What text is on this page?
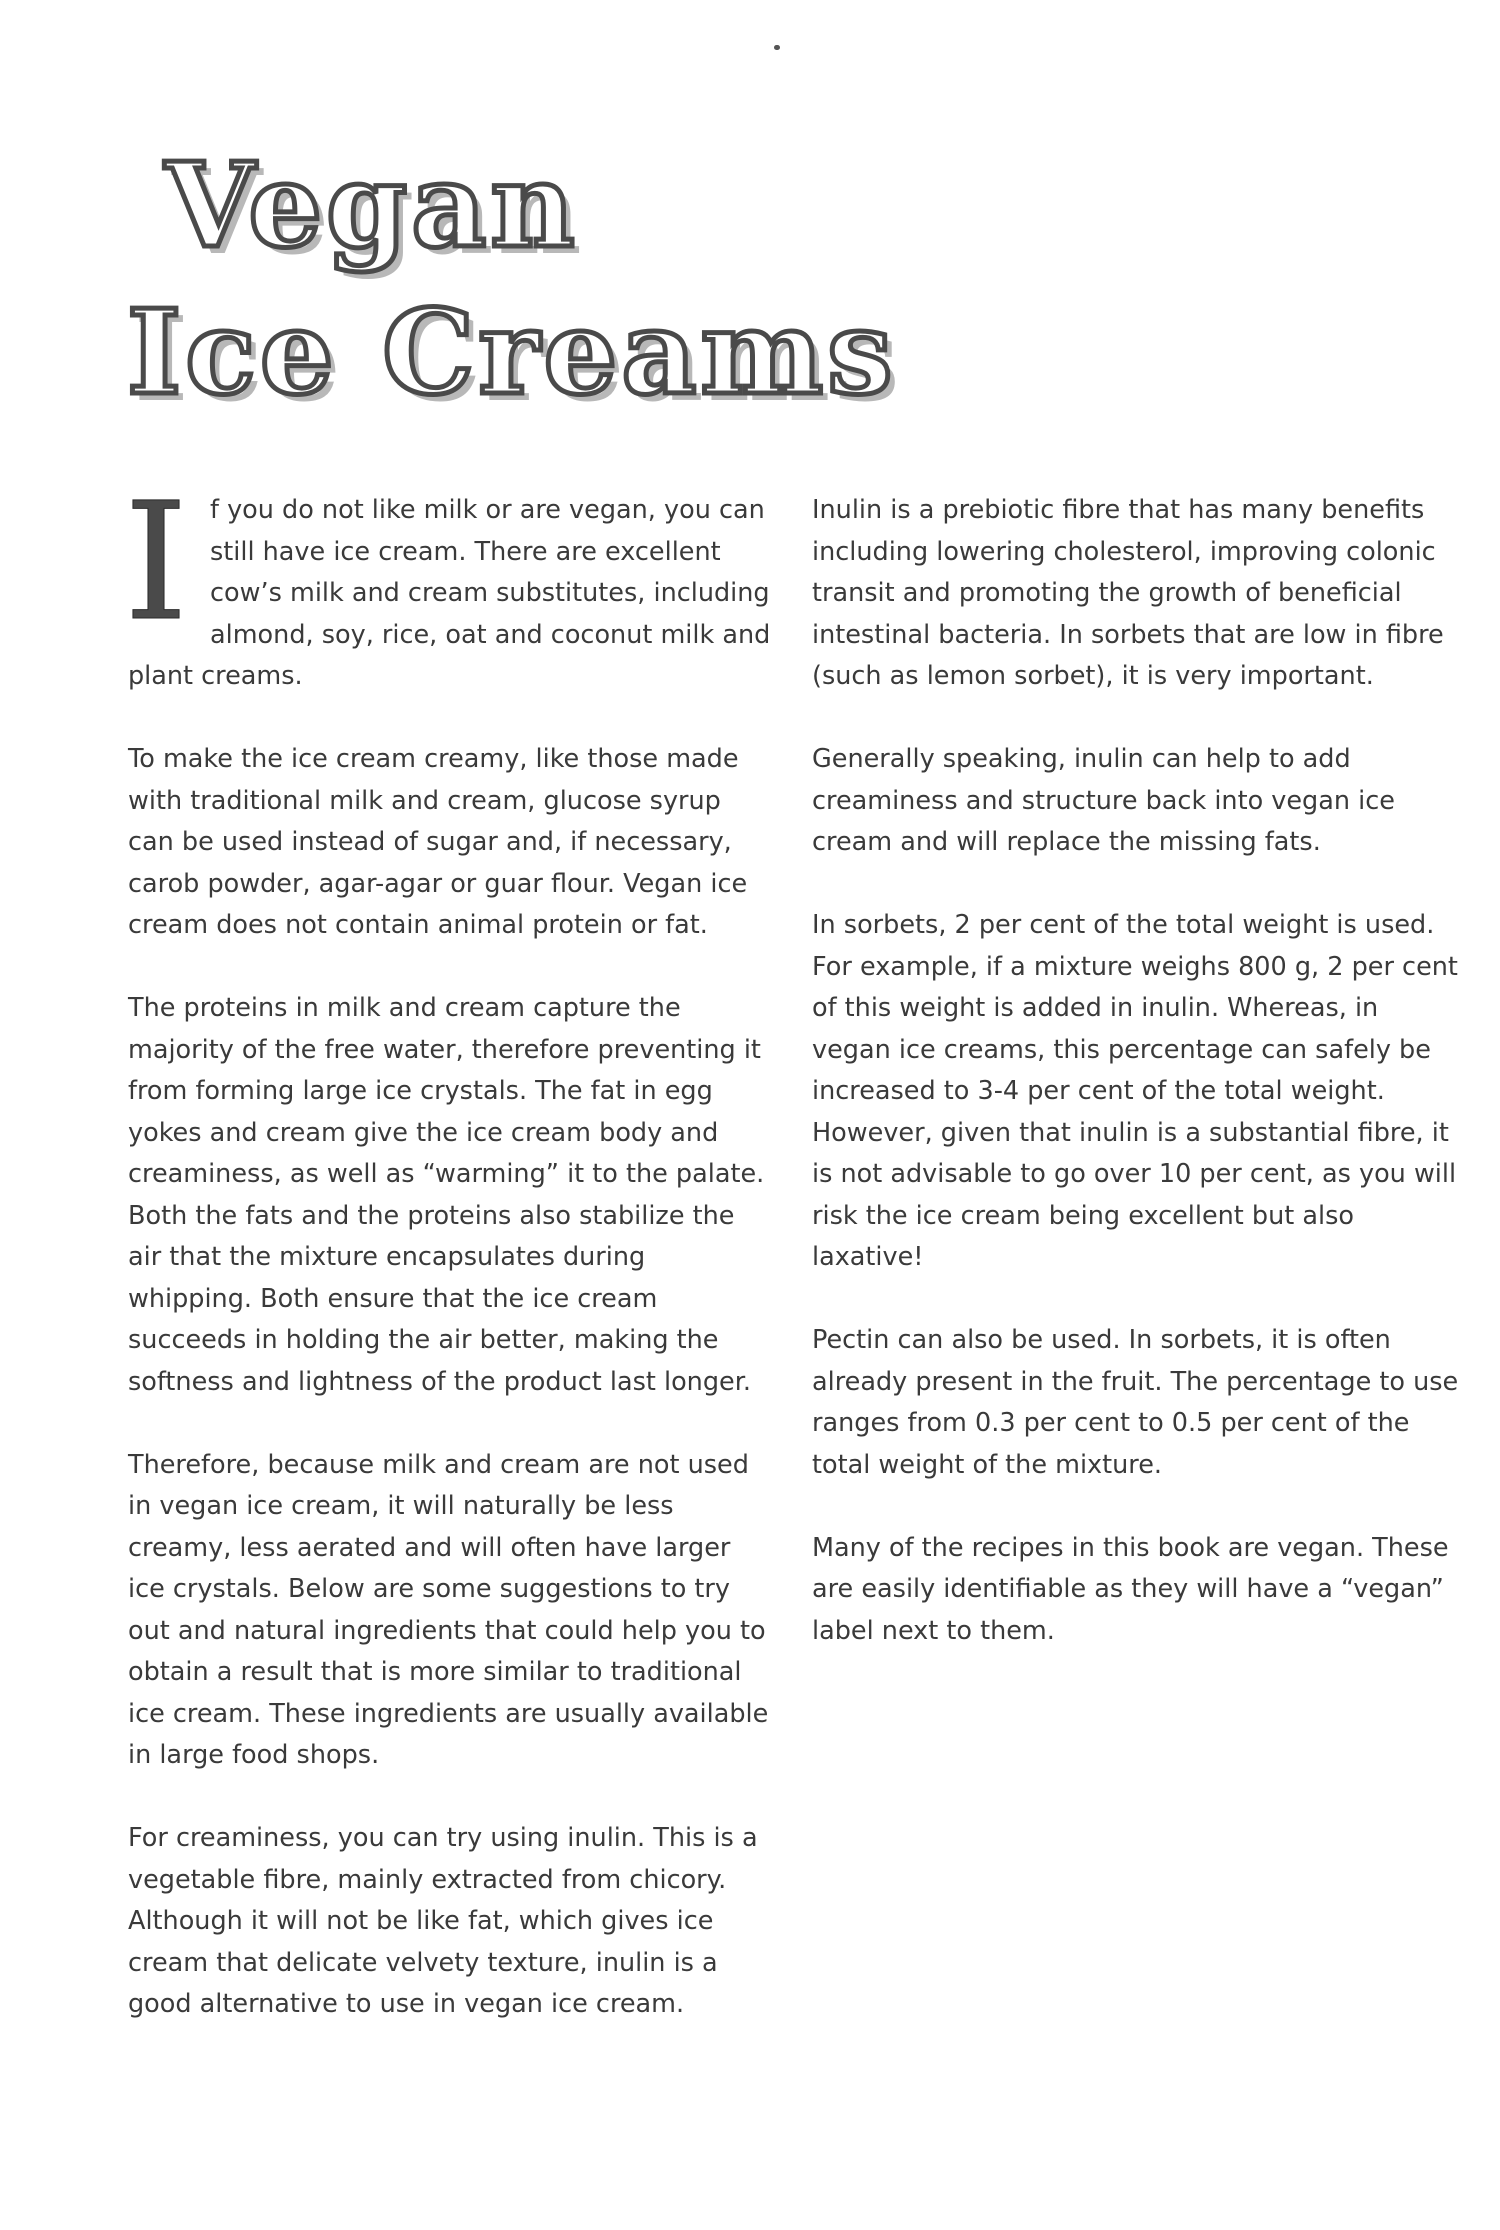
Vegan
Ice Creams
I f you do not like milk or are vegan, you can still have ice cream. There are excellent cow’s milk and cream substitutes, including almond, soy, rice, oat and coconut milk and plant creams.

To make the ice cream creamy, like those made with traditional milk and cream, glucose syrup can be used instead of sugar and, if necessary, carob powder, agar-agar or guar flour. Vegan ice cream does not contain animal protein or fat.

The proteins in milk and cream capture the majority of the free water, therefore preventing it from forming large ice crystals. The fat in egg yokes and cream give the ice cream body and creaminess, as well as “warming” it to the palate. Both the fats and the proteins also stabilize the air that the mixture encapsulates during whipping. Both ensure that the ice cream succeeds in holding the air better, making the softness and lightness of the product last longer.

Therefore, because milk and cream are not used in vegan ice cream, it will naturally be less creamy, less aerated and will often have larger ice crystals. Below are some suggestions to try out and natural ingredients that could help you to obtain a result that is more similar to traditional ice cream. These ingredients are usually available in large food shops.

For creaminess, you can try using inulin. This is a vegetable fibre, mainly extracted from chicory. Although it will not be like fat, which gives ice cream that delicate velvety texture, inulin is a good alternative to use in vegan ice cream.

Inulin is a prebiotic fibre that has many benefits including lowering cholesterol, improving colonic transit and promoting the growth of beneficial intestinal bacteria. In sorbets that are low in fibre (such as lemon sorbet), it is very important.

Generally speaking, inulin can help to add creaminess and structure back into vegan ice cream and will replace the missing fats.

In sorbets, 2 per cent of the total weight is used. For example, if a mixture weighs 800 g, 2 per cent of this weight is added in inulin. Whereas, in vegan ice creams, this percentage can safely be increased to 3-4 per cent of the total weight. However, given that inulin is a substantial fibre, it is not advisable to go over 10 per cent, as you will risk the ice cream being excellent but also laxative!

Pectin can also be used. In sorbets, it is often already present in the fruit. The percentage to use ranges from 0.3 per cent to 0.5 per cent of the total weight of the mixture.

Many of the recipes in this book are vegan. These are easily identifiable as they will have a “vegan” label next to them.
